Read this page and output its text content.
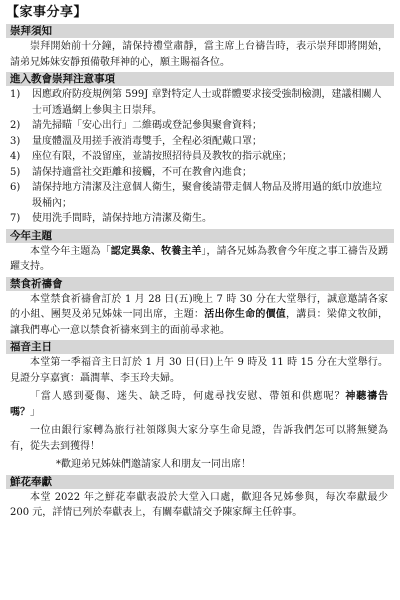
【家事分享】
崇拜須知
崇拜開始前十分鐘，請保持禮堂肅靜，當主席上台禱告時，表示崇拜即將開始，請弟兄姊妹安靜預備敬拜神的心，願主賜福各位。
進入教會崇拜注意事項
1)	因應政府防疫規例第 599J 章對特定人士或群體要求接受強制檢測，建議相關人士可透過網上參與主日崇拜。
2)	請先掃瞄「安心出行」二維碼或登記參與聚會資料；
3)	量度體溫及用搓手液消毒雙手，全程必須配戴口罩；
4)	座位有限，不設留座，並請按照招待員及教牧的指示就座；
5)	請保持適當社交距離和接觸，不可在教會內進食；
6)	請保持地方清潔及注意個人衛生，聚會後請帶走個人物品及將用過的紙巾放進垃圾桶內；
7)	使用洗手間時，請保持地方清潔及衛生。
今年主題
本堂今年主題為「認定異象、牧養主羊」，請各兄姊為教會今年度之事工禱告及踴躍支持。
禁食祈禱會
本堂禁食祈禱會訂於 1 月 28 日(五)晚上 7 時 30 分在大堂舉行，誠意邀請各家的小組、團契及弟兄姊妹一同出席，主題：活出你生命的價值，講員：梁偉文牧師，讓我們專心一意以禁食祈禱來到主的面前尋求祂。
福音主日
本堂第一季福音主日訂於 1 月 30 日(日)上午 9 時及 11 時 15 分在大堂舉行。見證分享嘉賓：聶潤華、李玉玲夫婦。
「當人感到憂傷、迷失、缺乏時，何處尋找安慰、帶領和供應呢？神聽禱告嗎？」
一位由銀行家轉為旅行社領隊與大家分享生命見證，告訴我們怎可以將無變為有，從失去到獲得！
*歡迎弟兄姊妹們邀請家人和朋友一同出席！
鮮花奉獻
本堂 2022 年之鮮花奉獻表設於大堂入口處，歡迎各兄姊參與，每次奉獻最少 200 元，詳情已列於奉獻表上，有關奉獻請交予陳家輝主任幹事。
